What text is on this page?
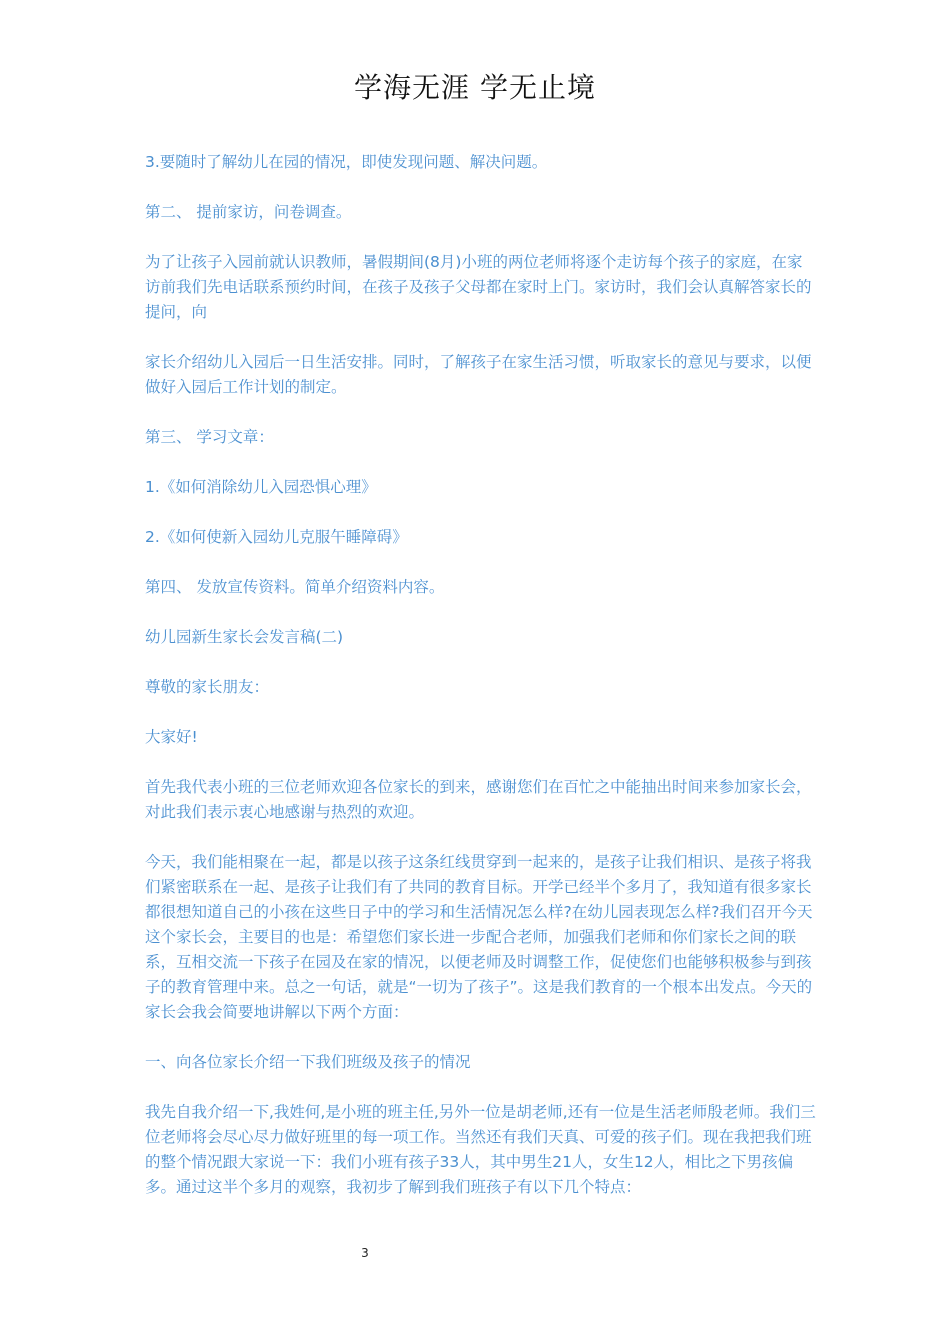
学海无涯 学无止境

3.要随时了解幼儿在园的情况，即使发现问题、解决问题。

第二、 提前家访，问卷调查。

为了让孩子入园前就认识教师，暑假期间(8月)小班的两位老师将逐个走访每个孩子的家庭，在家访前我们先电话联系预约时间，在孩子及孩子父母都在家时上门。家访时，我们会认真解答家长的提问，向

家长介绍幼儿入园后一日生活安排。同时，了解孩子在家生活习惯，听取家长的意见与要求，以便做好入园后工作计划的制定。

第三、 学习文章：

1.《如何消除幼儿入园恐惧心理》

2.《如何使新入园幼儿克服午睡障碍》

第四、 发放宣传资料。简单介绍资料内容。

幼儿园新生家长会发言稿(二)

尊敬的家长朋友：

大家好!

首先我代表小班的三位老师欢迎各位家长的到来，感谢您们在百忙之中能抽出时间来参加家长会，对此我们表示衷心地感谢与热烈的欢迎。

今天，我们能相聚在一起，都是以孩子这条红线贯穿到一起来的，是孩子让我们相识、是孩子将我们紧密联系在一起、是孩子让我们有了共同的教育目标。开学已经半个多月了，我知道有很多家长都很想知道自己的小孩在这些日子中的学习和生活情况怎么样?在幼儿园表现怎么样?我们召开今天这个家长会，主要目的也是：希望您们家长进一步配合老师，加强我们老师和你们家长之间的联系，互相交流一下孩子在园及在家的情况，以便老师及时调整工作，促使您们也能够积极参与到孩子的教育管理中来。总之一句话，就是“一切为了孩子”。这是我们教育的一个根本出发点。今天的家长会我会简要地讲解以下两个方面：

一、向各位家长介绍一下我们班级及孩子的情况

我先自我介绍一下,我姓何,是小班的班主任,另外一位是胡老师,还有一位是生活老师殷老师。我们三位老师将会尽心尽力做好班里的每一项工作。当然还有我们天真、可爱的孩子们。现在我把我们班的整个情况跟大家说一下：我们小班有孩子33人，其中男生21人，女生12人，相比之下男孩偏多。通过这半个多月的观察，我初步了解到我们班孩子有以下几个特点：

3
